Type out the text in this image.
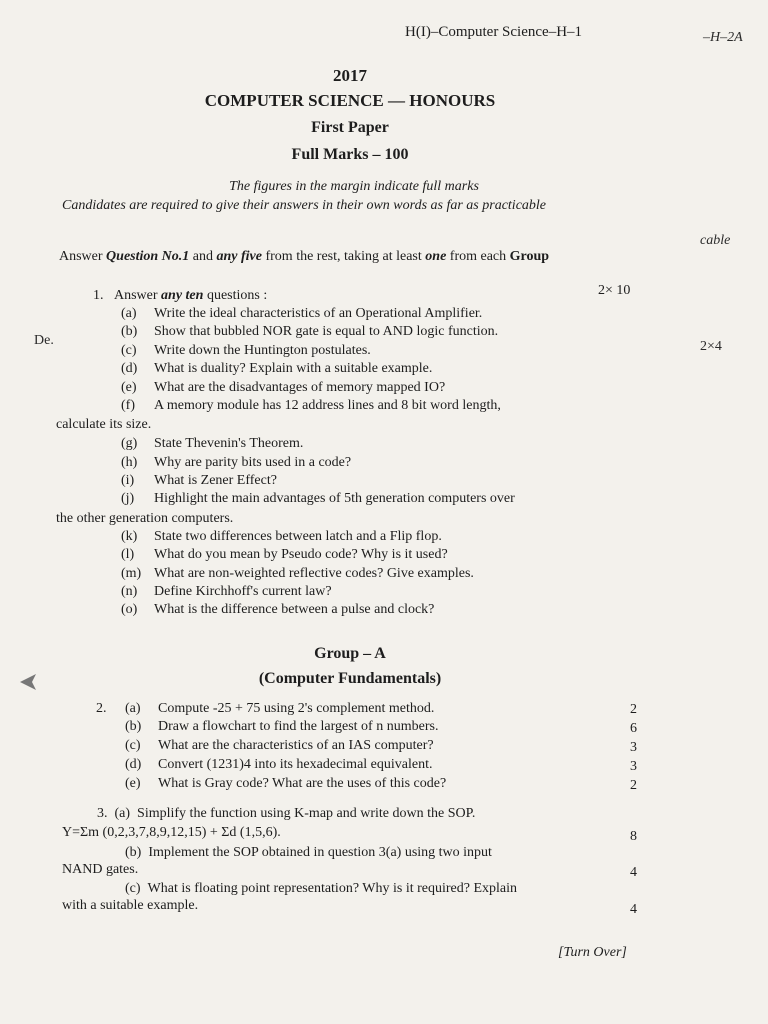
H(I)–Computer Science–H–1	–H–2A
cable
De.	2×4
2017
COMPUTER SCIENCE — HONOURS
First Paper
Full Marks – 100
The figures in the margin indicate full marks
Candidates are required to give their answers in their own words as far as practicable
Answer Question No.1 and any five from the rest, taking at least one from each Group
1. Answer any ten questions :	2× 10
(a) Write the ideal characteristics of an Operational Amplifier.
(b) Show that bubbled NOR gate is equal to AND logic function.
(c) Write down the Huntington postulates.
(d) What is duality? Explain with a suitable example.
(e) What are the disadvantages of memory mapped IO?
(f) A memory module has 12 address lines and 8 bit word length,
calculate its size.
(g) State Thevenin's Theorem.
(h) Why are parity bits used in a code?
(i) What is Zener Effect?
(j) Highlight the main advantages of 5th generation computers over
the other generation computers.
(k) State two differences between latch and a Flip flop.
(l) What do you mean by Pseudo code? Why is it used?
(m) What are non-weighted reflective codes? Give examples.
(n) Define Kirchhoff's current law?
(o) What is the difference between a pulse and clock?
Group – A
(Computer Fundamentals)
2. (a) Compute -25 + 75 using 2's complement method.	2
(b) Draw a flowchart to find the largest of n numbers.	6
(c) What are the characteristics of an IAS computer?	3
(d) Convert (1231)4 into its hexadecimal equivalent.	3
(e) What is Gray code? What are the uses of this code?	2
3. (a) Simplify the function using K-map and write down the SOP.
Y=Σm (0,2,3,7,8,9,12,15) + Σd (1,5,6).	8
(b) Implement the SOP obtained in question 3(a) using two input
NAND gates.	4
(c) What is floating point representation? Why is it required? Explain
with a suitable example.	4
[Turn Over]
